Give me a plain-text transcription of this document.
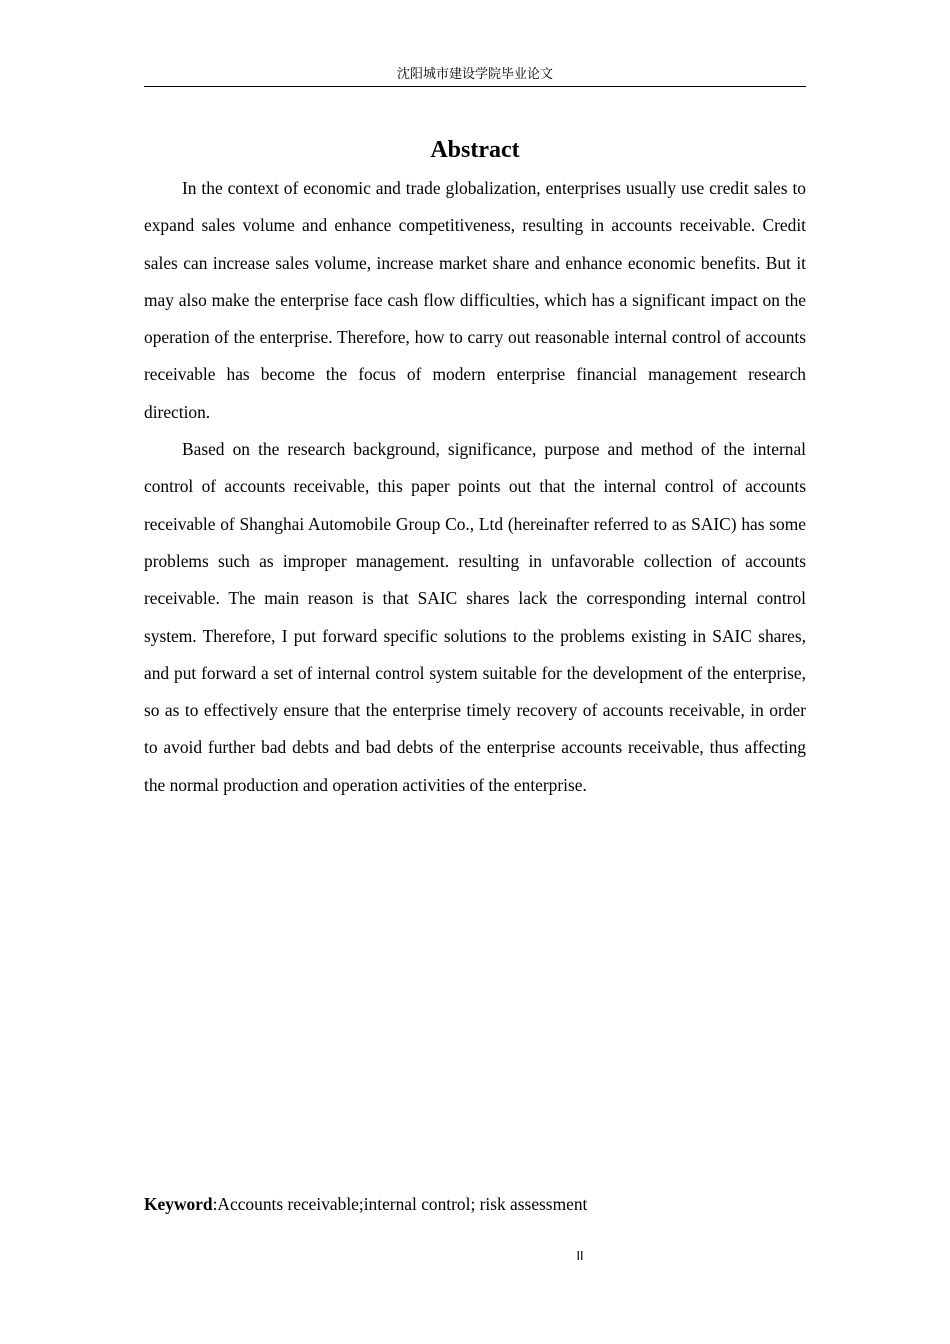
沈阳城市建设学院毕业论文
Abstract

In the context of economic and trade globalization, enterprises usually use credit sales to expand sales volume and enhance competitiveness, resulting in accounts receivable. Credit sales can increase sales volume, increase market share and enhance economic benefits. But it may also make the enterprise face cash flow difficulties, which has a significant impact on the operation of the enterprise. Therefore, how to carry out reasonable internal control of accounts receivable has become the focus of modern enterprise financial management research direction.

Based on the research background, significance, purpose and method of the internal control of accounts receivable, this paper points out that the internal control of accounts receivable of Shanghai Automobile Group Co., Ltd (hereinafter referred to as SAIC) has some problems such as improper management. resulting in unfavorable collection of accounts receivable. The main reason is that SAIC shares lack the corresponding internal control system. Therefore, I put forward specific solutions to the problems existing in SAIC shares, and put forward a set of internal control system suitable for the development of the enterprise, so as to effectively ensure that the enterprise timely recovery of accounts receivable, in order to avoid further bad debts and bad debts of the enterprise accounts receivable, thus affecting the normal production and operation activities of the enterprise.

Keyword:Accounts receivable;internal control; risk assessment
II
